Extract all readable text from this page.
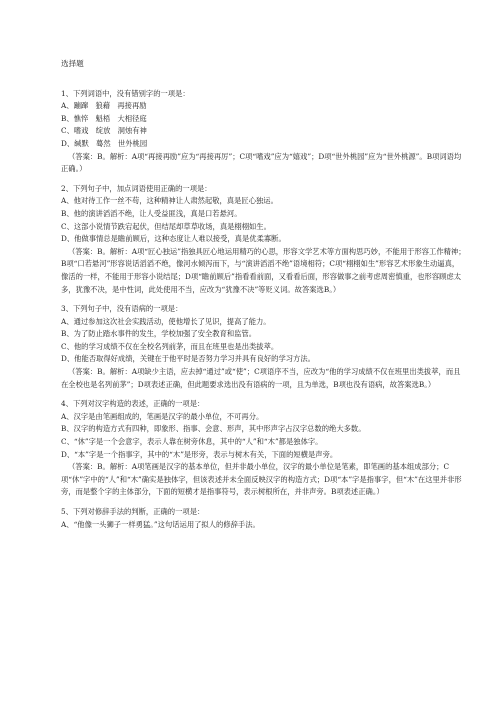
选择题

1、下列词语中，没有错别字的一项是：

A、蹦蹿　狼藉　再接再励

B、憔悴　魁梧　大相径庭

C、嗜戏　绽放　洞烛有神

D、缄默　蓦然　世外桃园

（答案：B。解析：A项“再接再励”应为“再接再厉”；C项“嗜戏”应为“嬉戏”；D项“世外桃园”应为“世外桃源”。B项词语均正确。）

2、下列句子中，加点词语使用正确的一项是：

A、他对待工作一丝不苟，这种精神让人肃然起敬，真是匠心独运。

B、他的演讲滔滔不绝，让人受益匪浅，真是口若悬河。

C、这部小说情节跌宕起伏，但结尾却草草收场，真是栩栩如生。

D、他做事情总是瞻前顾后，这种态度让人难以接受，真是优柔寡断。

（答案：B。解析：A项“匠心独运”指独具匠心地运用精巧的心思，形容文学艺术等方面构思巧妙，不能用于形容工作精神；B项“口若悬河”形容说话滔滔不绝，像河水倾泻而下，与“演讲滔滔不绝”语境相符；C项“栩栩如生”形容艺术形象生动逼真，像活的一样，不能用于形容小说结尾；D项“瞻前顾后”指看看前面，又看看后面，形容做事之前考虑周密慎重，也形容顾虑太多，犹豫不决，是中性词，此处使用不当，应改为“犹豫不决”等贬义词。故答案选B。）

3、下列句子中，没有语病的一项是：

A、通过参加这次社会实践活动，使他增长了见识，提高了能力。

B、为了防止踏水事件的发生，学校加强了安全教育和监管。

C、他的学习成绩不仅在全校名列前茅，而且在班里也是出类拔萃。

D、他能否取得好成绩，关键在于他平时是否努力学习并具有良好的学习方法。

（答案：B。解析：A项缺少主语，应去掉“通过”或“使”；C项语序不当，应改为“他的学习成绩不仅在班里出类拔萃，而且在全校也是名列前茅”；D项表述正确，但此题要求选出没有语病的一项，且为单选，B项也没有语病，故答案选B。）

4、下列对汉字构造的表述，正确的一项是：

A、汉字是由笔画组成的，笔画是汉字的最小单位，不可再分。

B、汉字的构造方式有四种，即象形、指事、会意、形声，其中形声字占汉字总数的绝大多数。

C、“休”字是一个会意字，表示人靠在树旁休息，其中的“人”和“木”都是独体字。

D、“本”字是一个指事字，其中的“木”是形旁，表示与树木有关，下面的短横是声旁。

（答案：B。解析：A项笔画是汉字的基本单位，但并非最小单位，汉字的最小单位是笔素，即笔画的基本组成部分；C项“休”字中的“人”和“木”确实是独体字，但该表述并未全面反映汉字的构造方式；D项“本”字是指事字，但“木”在这里并非形旁，而是整个字的主体部分，下面的短横才是指事符号，表示树根所在，并非声旁。B项表述正确。）

5、下列对修辞手法的判断，正确的一项是：

A、“他像一头狮子一样勇猛。”这句话运用了拟人的修辞手法。
